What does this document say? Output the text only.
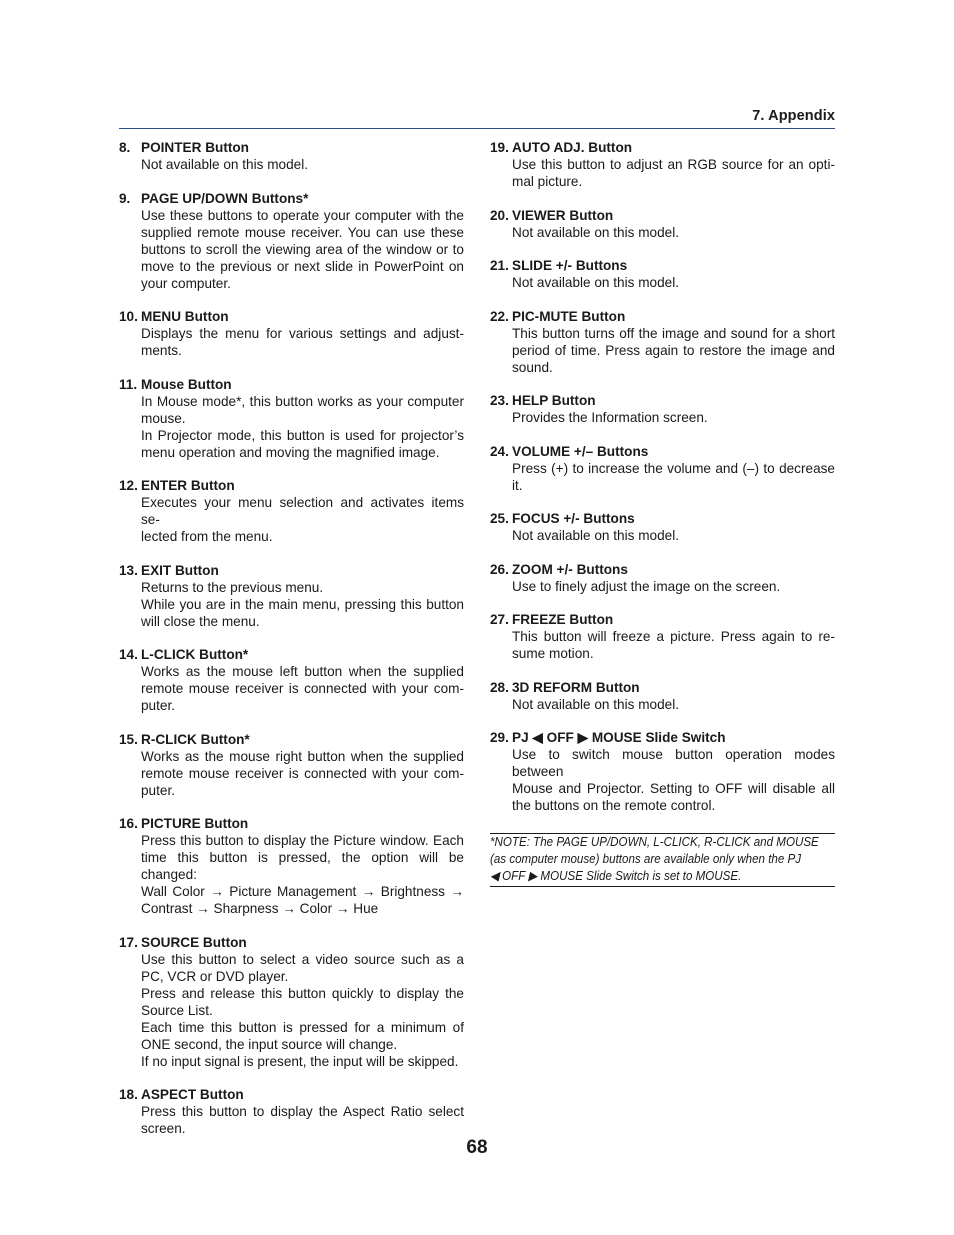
7. Appendix
8. POINTER Button
Not available on this model.
9. PAGE UP/DOWN Buttons*
Use these buttons to operate your computer with the
supplied remote mouse receiver. You can use these
buttons to scroll the viewing area of the window or to
move to the previous or next slide in PowerPoint on
your computer.
10. MENU Button
Displays the menu for various settings and adjust-
ments.
11. Mouse Button
In Mouse mode*, this button works as your computer
mouse.
In Projector mode, this button is used for projector’s
menu operation and moving the magnified image.
12. ENTER Button
Executes your menu selection and activates items se-
lected from the menu.
13. EXIT Button
Returns to the previous menu.
While you are in the main menu, pressing this button
will close the menu.
14. L-CLICK Button*
Works as the mouse left button when the supplied
remote mouse receiver is connected with your com-
puter.
15. R-CLICK Button*
Works as the mouse right button when the supplied
remote mouse receiver is connected with your com-
puter.
16. PICTURE Button
Press this button to display the Picture window. Each
time this button is pressed, the option will be changed:
Wall Color → Picture Management → Brightness →
Contrast → Sharpness → Color → Hue
17. SOURCE Button
Use this button to select a video source such as a
PC, VCR or DVD player.
Press and release this button quickly to display the
Source List.
Each time this button is pressed for a minimum of
ONE second, the input source will change.
If no input signal is present, the input will be skipped.
18. ASPECT Button
Press this button to display the Aspect Ratio select
screen.
19. AUTO ADJ. Button
Use this button to adjust an RGB source for an opti-
mal picture.
20. VIEWER Button
Not available on this model.
21. SLIDE +/- Buttons
Not available on this model.
22. PIC-MUTE Button
This button turns off the image and sound for a short
period of time. Press again to restore the image and
sound.
23. HELP Button
Provides the Information screen.
24. VOLUME +/– Buttons
Press (+) to increase the volume and (–) to decrease
it.
25. FOCUS +/- Buttons
Not available on this model.
26. ZOOM +/- Buttons
Use to finely adjust the image on the screen.
27. FREEZE Button
This button will freeze a picture. Press again to re-
sume motion.
28. 3D REFORM Button
Not available on this model.
29. PJ ◀ OFF ▶ MOUSE Slide Switch
Use to switch mouse button operation modes between
Mouse and Projector. Setting to OFF will disable all
the buttons on the remote control.
*NOTE: The PAGE UP/DOWN, L-CLICK, R-CLICK and MOUSE
(as computer mouse) buttons are available only when the PJ
◀ OFF ▶ MOUSE Slide Switch is set to MOUSE.
68
